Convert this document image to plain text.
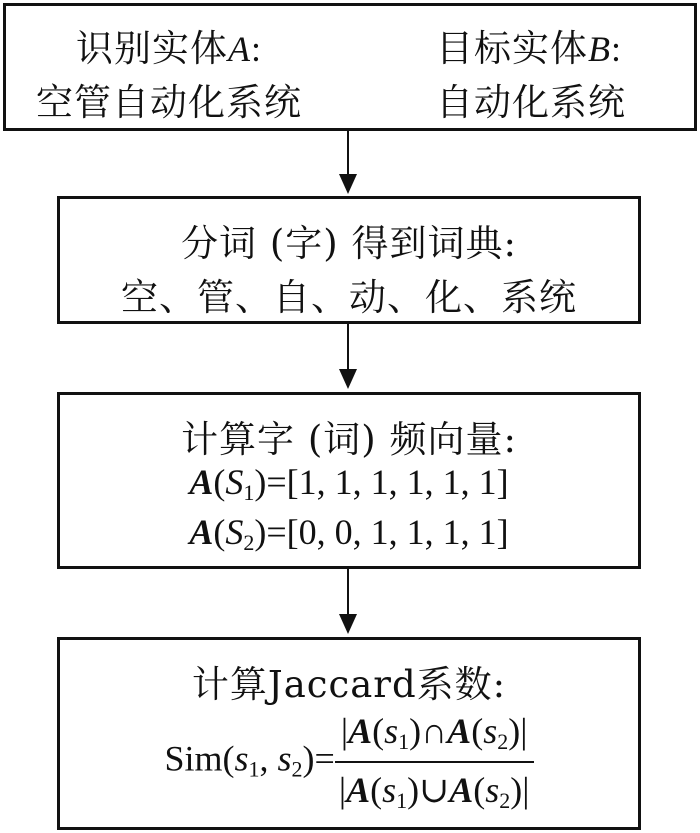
识别实体A:	目标实体B:
空管自动化系统	自动化系统
分词 (字) 得到词典:
空、管、自、动、化、系统
计算字 (词) 频向量:
$A(S_1)=[1$, 1, 1, 1, 1, 1]
$A(S_2)=[0$, 0, 1, 1, 1, 1]
计算Jaccard系数:
$Sim(s_1$, $s_2)= \frac{|A(s_1)\cap A(s_2)|}{|A(s_1)\cup A(s_2)|}$
